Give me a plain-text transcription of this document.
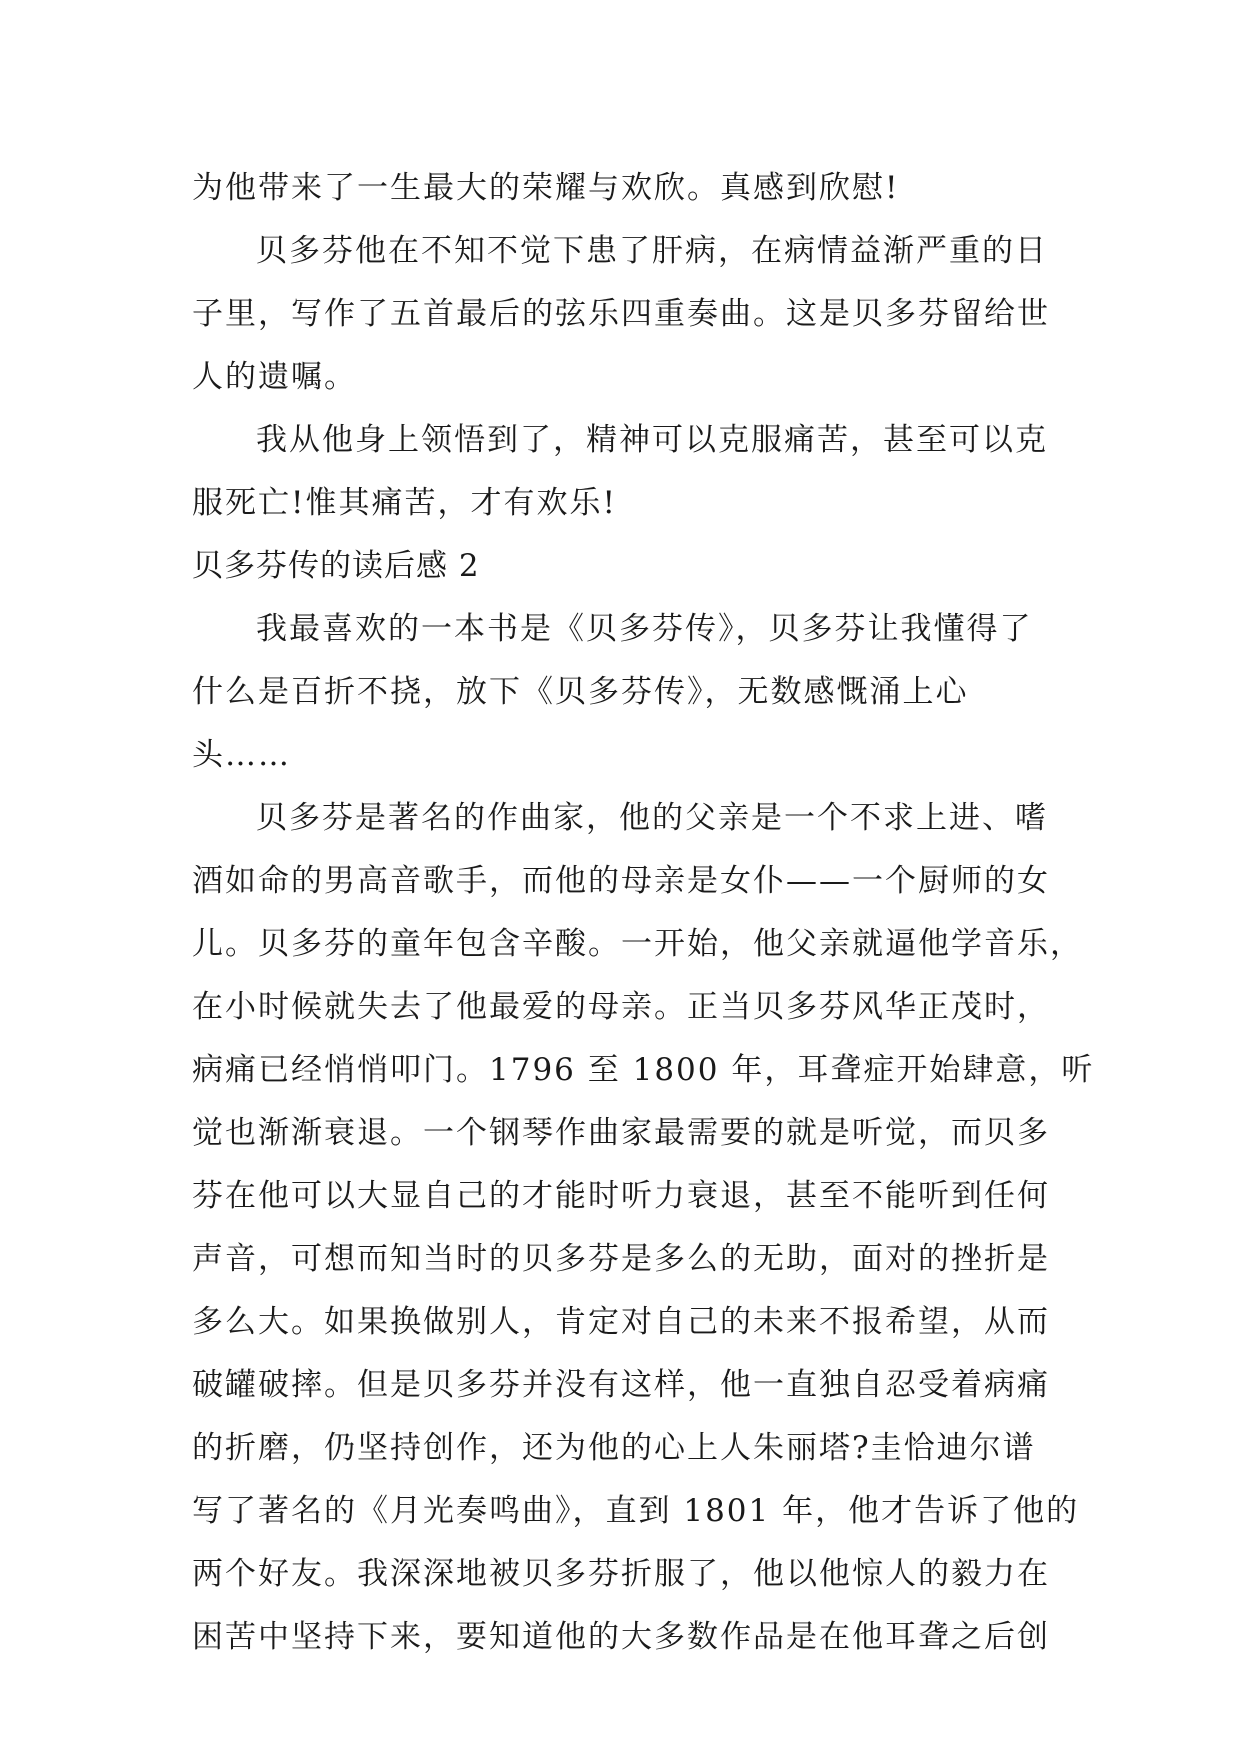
为他带来了一生最大的荣耀与欢欣。真感到欣慰!
贝多芬他在不知不觉下患了肝病，在病情益渐严重的日
子里，写作了五首最后的弦乐四重奏曲。这是贝多芬留给世
人的遗嘱。
我从他身上领悟到了，精神可以克服痛苦，甚至可以克
服死亡!惟其痛苦，才有欢乐!
贝多芬传的读后感 2
我最喜欢的一本书是《贝多芬传》，贝多芬让我懂得了
什么是百折不挠，放下《贝多芬传》，无数感慨涌上心
头……
贝多芬是著名的作曲家，他的父亲是一个不求上进、嗜
酒如命的男高音歌手，而他的母亲是女仆——一个厨师的女
儿。贝多芬的童年包含辛酸。一开始，他父亲就逼他学音乐，
在小时候就失去了他最爱的母亲。正当贝多芬风华正茂时，
病痛已经悄悄叩门。1796 至 1800 年，耳聋症开始肆意，听
觉也渐渐衰退。一个钢琴作曲家最需要的就是听觉，而贝多
芬在他可以大显自己的才能时听力衰退，甚至不能听到任何
声音，可想而知当时的贝多芬是多么的无助，面对的挫折是
多么大。如果换做别人，肯定对自己的未来不报希望，从而
破罐破摔。但是贝多芬并没有这样，他一直独自忍受着病痛
的折磨，仍坚持创作，还为他的心上人朱丽塔?圭恰迪尔谱
写了著名的《月光奏鸣曲》，直到 1801 年，他才告诉了他的
两个好友。我深深地被贝多芬折服了，他以他惊人的毅力在
困苦中坚持下来，要知道他的大多数作品是在他耳聋之后创
